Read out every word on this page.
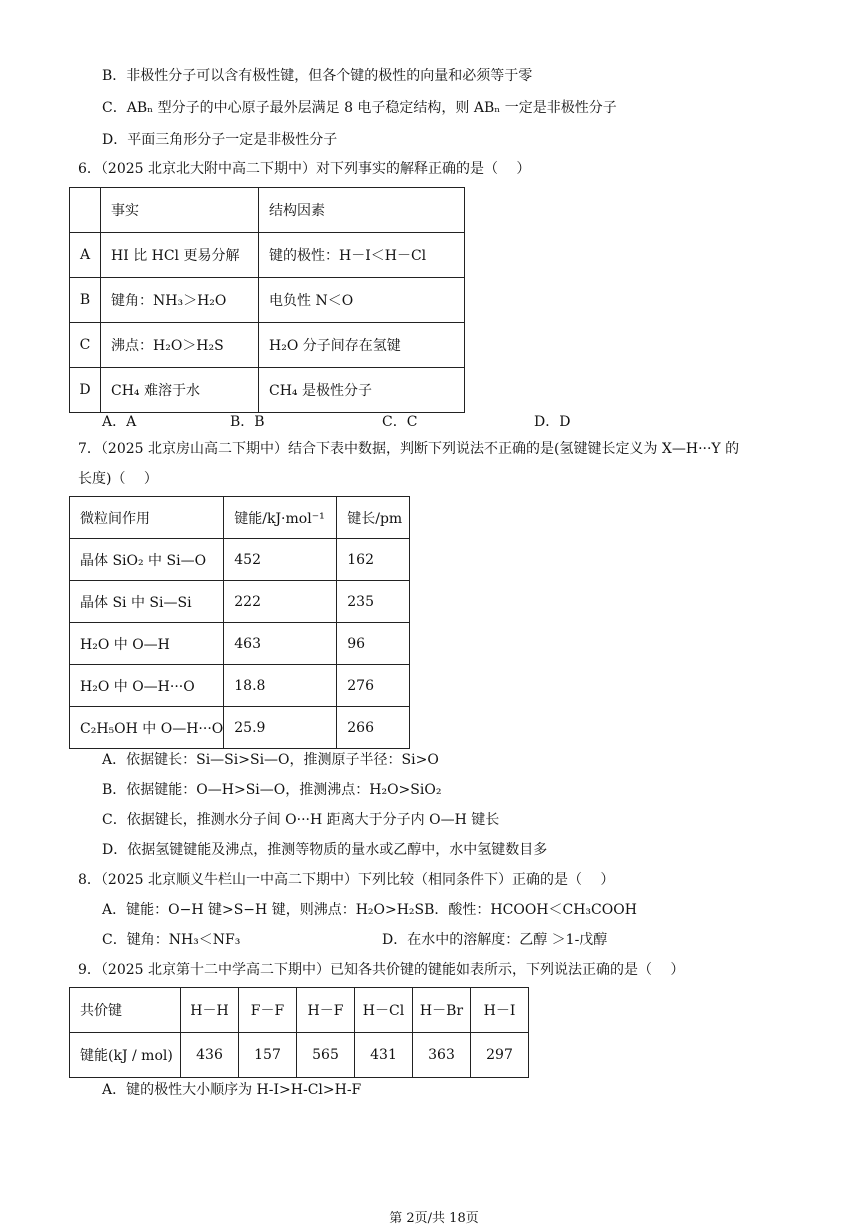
B．非极性分子可以含有极性键，但各个键的极性的向量和必须等于零
C．ABₙ 型分子的中心原子最外层满足 8 电子稳定结构，则 ABₙ 一定是非极性分子
D．平面三角形分子一定是非极性分子
6．（2025 北京北大附中高二下期中）对下列事实的解释正确的是（　 ）
	事实	结构因素
A	HI 比 HCl 更易分解	键的极性：H－I＜H－Cl
B	键角：NH₃＞H₂O	电负性 N＜O
C	沸点：H₂O＞H₂S	H₂O 分子间存在氢键
D	CH₄ 难溶于水	CH₄ 是极性分子
A．A	B．B	C．C	D．D
7．（2025 北京房山高二下期中）结合下表中数据，判断下列说法不正确的是(氢键键长定义为 X—H···Y 的
长度)（　 ）
微粒间作用	键能/kJ·mol⁻¹	键长/pm
晶体 SiO₂ 中 Si—O	452	162
晶体 Si 中 Si—Si	222	235
H₂O 中 O—H	463	96
H₂O 中 O—H···O	18.8	276
C₂H₅OH 中 O—H···O	25.9	266
A．依据键长：Si—Si>Si—O，推测原子半径：Si>O
B．依据键能：O—H>Si—O，推测沸点：H₂O>SiO₂
C．依据键长，推测水分子间 O···H 距离大于分子内 O—H 键长
D．依据氢键键能及沸点，推测等物质的量水或乙醇中，水中氢键数目多
8．（2025 北京顺义牛栏山一中高二下期中）下列比较（相同条件下）正确的是（　 ）
A．键能：O−H 键>S−H 键，则沸点：H₂O>H₂SB．酸性：HCOOH＜CH₃COOH
C．键角：NH₃＜NF₃	D．在水中的溶解度：乙醇 ＞1-戊醇
9．（2025 北京第十二中学高二下期中）已知各共价键的键能如表所示，下列说法正确的是（　 ）
共价键	H－H	F－F	H－F	H－Cl	H－Br	H－I
键能(kJ / mol)	436	157	565	431	363	297
A．键的极性大小顺序为 H-I>H-Cl>H-F
第 2页/共 18页
